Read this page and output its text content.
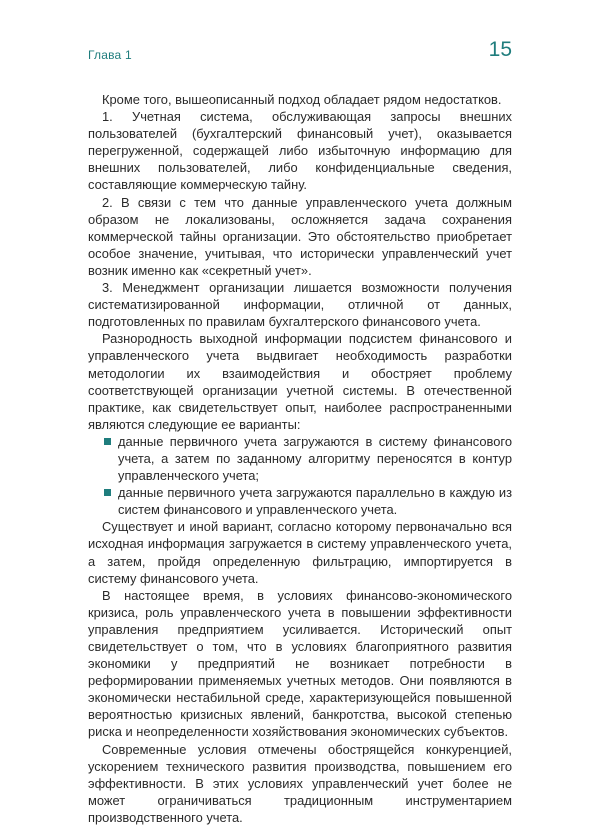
Глава 1	15

Кроме того, вышеописанный подход обладает рядом недостатков.

1. Учетная система, обслуживающая запросы внешних пользователей (бухгалтерский финансовый учет), оказывается перегруженной, содержащей либо избыточную информацию для внешних пользователей, либо конфиденциальные сведения, составляющие коммерческую тайну.

2. В связи с тем что данные управленческого учета должным образом не локализованы, осложняется задача сохранения коммерческой тайны организации. Это обстоятельство приобретает особое значение, учитывая, что исторически управленческий учет возник именно как «секретный учет».

3. Менеджмент организации лишается возможности получения систематизированной информации, отличной от данных, подготовленных по правилам бухгалтерского финансового учета.

Разнородность выходной информации подсистем финансового и управленческого учета выдвигает необходимость разработки методологии их взаимодействия и обостряет проблему соответствующей организации учетной системы. В отечественной практике, как свидетельствует опыт, наиболее распространенными являются следующие ее варианты:

данные первичного учета загружаются в систему финансового учета, а затем по заданному алгоритму переносятся в контур управленческого учета;
данные первичного учета загружаются параллельно в каждую из систем финансового и управленческого учета.

Существует и иной вариант, согласно которому первоначально вся исходная информация загружается в систему управленческого учета, а затем, пройдя определенную фильтрацию, импортируется в систему финансового учета.

В настоящее время, в условиях финансово-экономического кризиса, роль управленческого учета в повышении эффективности управления предприятием усиливается. Исторический опыт свидетельствует о том, что в условиях благоприятного развития экономики у предприятий не возникает потребности в реформировании применяемых учетных методов. Они появляются в экономически нестабильной среде, характеризующейся повышенной вероятностью кризисных явлений, банкротства, высокой степенью риска и неопределенности хозяйствования экономических субъектов.

Современные условия отмечены обострящейся конкуренцией, ускорением технического развития производства, повышением его эффективности. В этих условиях управленческий учет более не может ограничиваться традиционным инструментарием производственного учета.
